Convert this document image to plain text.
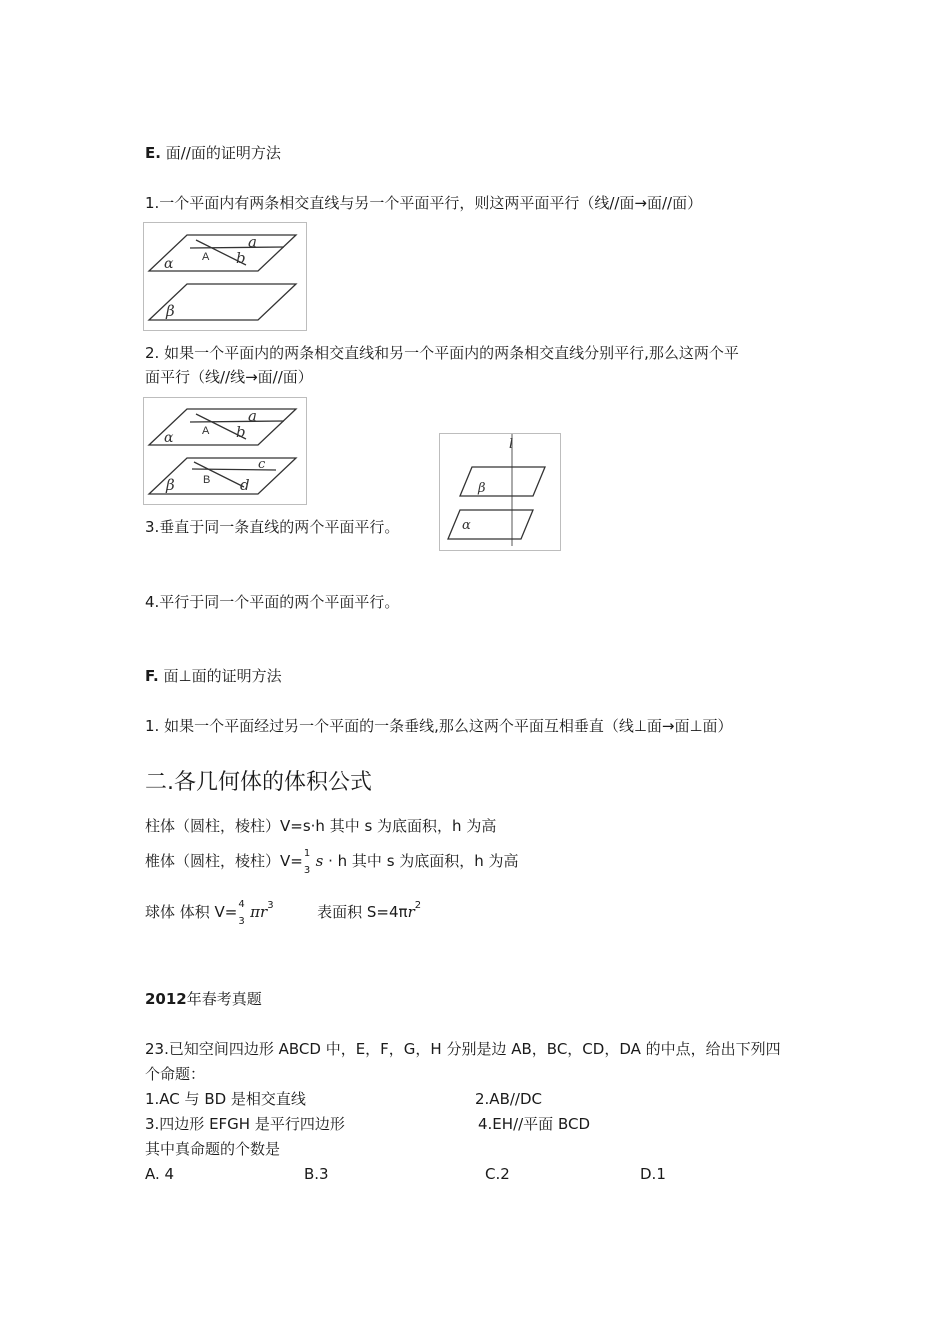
E. 面//面的证明方法
1.一个平面内有两条相交直线与另一个平面平行，则这两平面平行（线//面→面//面）
a
A b
α
β
2. 如果一个平面内的两条相交直线和另一个平面内的两条相交直线分别平行,那么这两个平
面平行（线//线→面//面）
a
A b
α
c
B d
β
3.垂直于同一条直线的两个平面平行。
l
β
α
4.平行于同一个平面的两个平面平行。
F. 面⊥面的证明方法
1. 如果一个平面经过另一个平面的一条垂线,那么这两个平面互相垂直（线⊥面→面⊥面）
二.各几何体的体积公式
柱体（圆柱，棱柱）V=s·h 其中 s 为底面积，h 为高
椎体（圆柱，棱柱）V= 1
3
s · h 其中 s 为底面积，h 为高
球体 体积 V= 4
3
$\pi r^3$	表面积 $S=4\pi r^2$
2012年春考真题
23.已知空间四边形 ABCD 中，E，F，G，H 分别是边 AB，BC，CD，DA 的中点，给出下列四
个命题：
1.AC 与 BD 是相交直线	2.AB//DC
3.四边形 EFGH 是平行四边形	4.EH//平面 BCD
其中真命题的个数是
A. 4	B.3	C.2	D.1
